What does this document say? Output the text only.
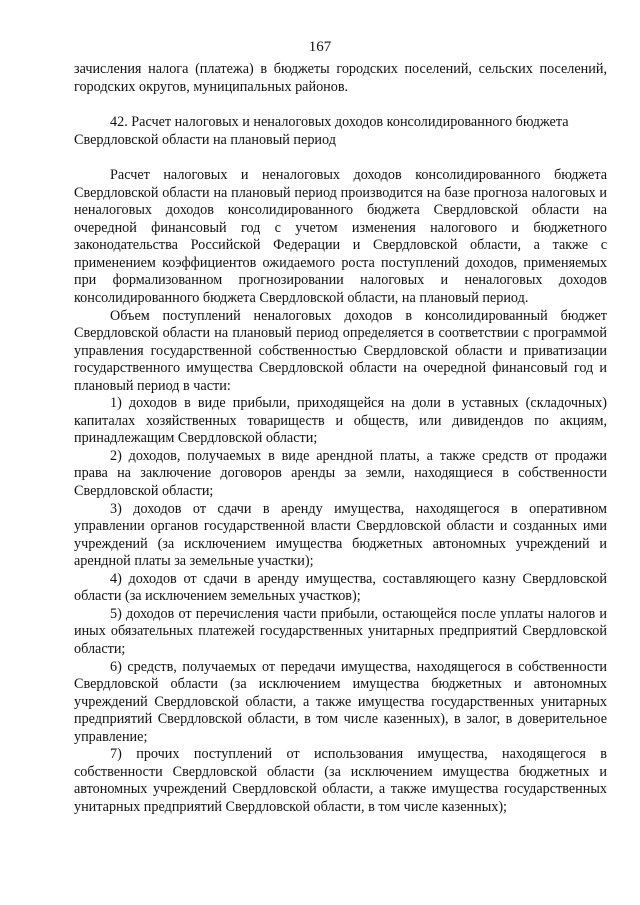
167

зачисления налога (платежа) в бюджеты городских поселений, сельских поселений, городских округов, муниципальных районов.

42. Расчет налоговых и неналоговых доходов консолидированного бюджета Свердловской области на плановый период

Расчет налоговых и неналоговых доходов консолидированного бюджета Свердловской области на плановый период производится на базе прогноза налоговых и неналоговых доходов консолидированного бюджета Свердловской области на очередной финансовый год с учетом изменения налогового и бюджетного законодательства Российской Федерации и Свердловской области, а также с применением коэффициентов ожидаемого роста поступлений доходов, применяемых при формализованном прогнозировании налоговых и неналоговых доходов консолидированного бюджета Свердловской области, на плановый период.

Объем поступлений неналоговых доходов в консолидированный бюджет Свердловской области на плановый период определяется в соответствии с программой управления государственной собственностью Свердловской области и приватизации государственного имущества Свердловской области на очередной финансовый год и плановый период в части:

1) доходов в виде прибыли, приходящейся на доли в уставных (складочных) капиталах хозяйственных товариществ и обществ, или дивидендов по акциям, принадлежащим Свердловской области;

2) доходов, получаемых в виде арендной платы, а также средств от продажи права на заключение договоров аренды за земли, находящиеся в собственности Свердловской области;

3) доходов от сдачи в аренду имущества, находящегося в оперативном управлении органов государственной власти Свердловской области и созданных ими учреждений (за исключением имущества бюджетных автономных учреждений и арендной платы за земельные участки);

4) доходов от сдачи в аренду имущества, составляющего казну Свердловской области (за исключением земельных участков);

5) доходов от перечисления части прибыли, остающейся после уплаты налогов и иных обязательных платежей государственных унитарных предприятий Свердловской области;

6) средств, получаемых от передачи имущества, находящегося в собственности Свердловской области (за исключением имущества бюджетных и автономных учреждений Свердловской области, а также имущества государственных унитарных предприятий Свердловской области, в том числе казенных), в залог, в доверительное управление;

7) прочих поступлений от использования имущества, находящегося в собственности Свердловской области (за исключением имущества бюджетных и автономных учреждений Свердловской области, а также имущества государственных унитарных предприятий Свердловской области, в том числе казенных);
